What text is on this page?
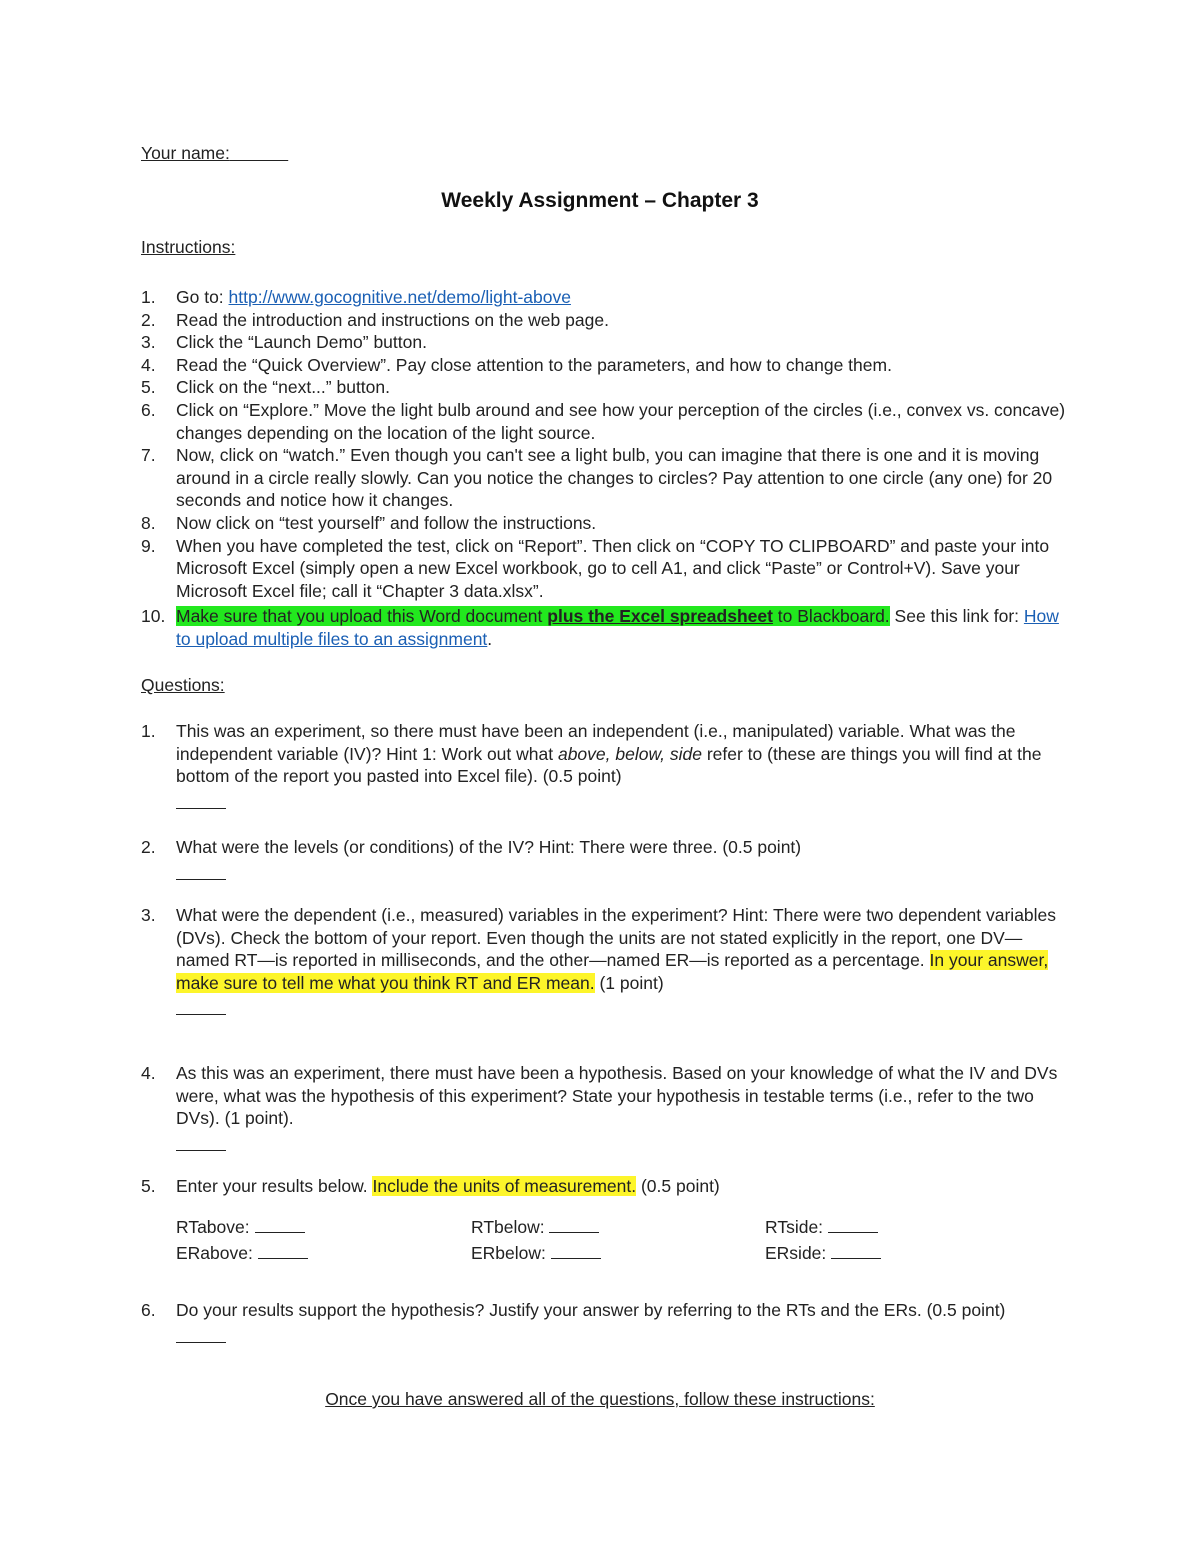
Your name:
Weekly Assignment – Chapter 3
Instructions:
1. Go to: http://www.gocognitive.net/demo/light-above
2. Read the introduction and instructions on the web page.
3. Click the “Launch Demo” button.
4. Read the “Quick Overview”. Pay close attention to the parameters, and how to change them.
5. Click on the “next...” button.
6. Click on “Explore.” Move the light bulb around and see how your perception of the circles (i.e., convex vs. concave) changes depending on the location of the light source.
7. Now, click on “watch.” Even though you can't see a light bulb, you can imagine that there is one and it is moving around in a circle really slowly. Can you notice the changes to circles? Pay attention to one circle (any one) for 20 seconds and notice how it changes.
8. Now click on “test yourself” and follow the instructions.
9. When you have completed the test, click on “Report”. Then click on “COPY TO CLIPBOARD” and paste your into Microsoft Excel (simply open a new Excel workbook, go to cell A1, and click “Paste” or Control+V). Save your Microsoft Excel file; call it “Chapter 3 data.xlsx”.
10. Make sure that you upload this Word document plus the Excel spreadsheet to Blackboard. See this link for: How to upload multiple files to an assignment.
Questions:
1. This was an experiment, so there must have been an independent (i.e., manipulated) variable. What was the independent variable (IV)? Hint 1: Work out what above, below, side refer to (these are things you will find at the bottom of the report you pasted into Excel file). (0.5 point)
2. What were the levels (or conditions) of the IV? Hint: There were three. (0.5 point)
3. What were the dependent (i.e., measured) variables in the experiment? Hint: There were two dependent variables (DVs). Check the bottom of your report. Even though the units are not stated explicitly in the report, one DV—named RT—is reported in milliseconds, and the other—named ER—is reported as a percentage. In your answer, make sure to tell me what you think RT and ER mean. (1 point)
4. As this was an experiment, there must have been a hypothesis. Based on your knowledge of what the IV and DVs were, what was the hypothesis of this experiment? State your hypothesis in testable terms (i.e., refer to the two DVs). (1 point).
5. Enter your results below. Include the units of measurement. (0.5 point)
RTabove:	RTbelow:	RTside:
ERabove:	ERbelow:	ERside:
6. Do your results support the hypothesis? Justify your answer by referring to the RTs and the ERs. (0.5 point)
Once you have answered all of the questions, follow these instructions:
